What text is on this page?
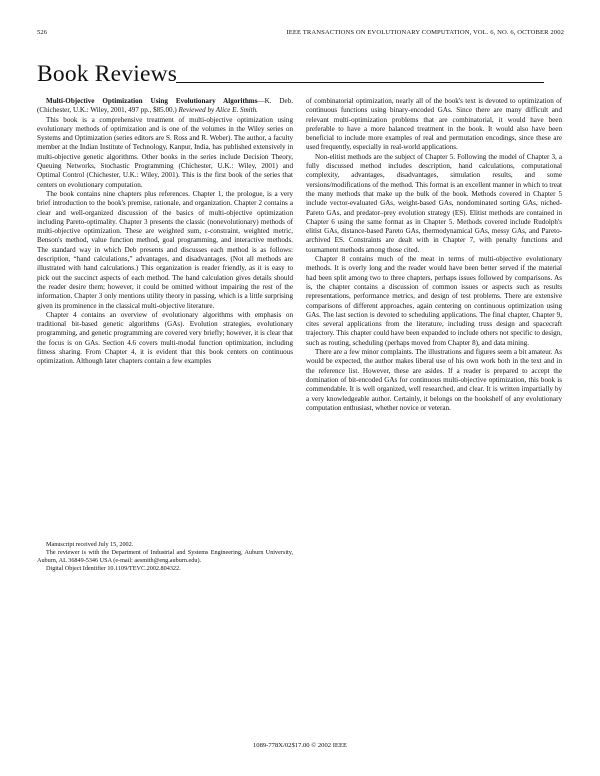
526	IEEE TRANSACTIONS ON EVOLUTIONARY COMPUTATION, VOL. 6, NO. 6, OCTOBER 2002
Book Reviews

Multi-Objective Optimization Using Evolutionary Algorithms—K. Deb. (Chichester, U.K.: Wiley, 2001, 497 pp., $85.00.) Reviewed by Alice E. Smith.

This book is a comprehensive treatment of multi-objective optimization using evolutionary methods of optimization and is one of the volumes in the Wiley series on Systems and Optimization (series editors are S. Ross and R. Weber). The author, a faculty member at the Indian Institute of Technology, Kanpur, India, has published extensively in multi-objective genetic algorithms. Other books in the series include Decision Theory, Queuing Networks, Stochastic Programming (Chichester, U.K.: Wiley, 2001) and Optimal Control (Chichester, U.K.: Wiley, 2001). This is the first book of the series that centers on evolutionary computation.

The book contains nine chapters plus references. Chapter 1, the prologue, is a very brief introduction to the book's premise, rationale, and organization. Chapter 2 contains a clear and well-organized discussion of the basics of multi-objective optimization including Pareto-optimality. Chapter 3 presents the classic (nonevolutionary) methods of multi-objective optimization. These are weighted sum, ε-constraint, weighted metric, Benson's method, value function method, goal programming, and interactive methods. The standard way in which Deb presents and discusses each method is as follows: description, “hand calculations,” advantages, and disadvantages. (Not all methods are illustrated with hand calculations.) This organization is reader friendly, as it is easy to pick out the succinct aspects of each method. The hand calculation gives details should the reader desire them; however, it could be omitted without impairing the rest of the information. Chapter 3 only mentions utility theory in passing, which is a little surprising given its prominence in the classical multi-objective literature.

Chapter 4 contains an overview of evolutionary algorithms with emphasis on traditional bit-based genetic algorithms (GAs). Evolution strategies, evolutionary programming, and genetic programming are covered very briefly; however, it is clear that the focus is on GAs. Section 4.6 covers multi-modal function optimization, including fitness sharing. From Chapter 4, it is evident that this book centers on continuous optimization. Although later chapters contain a few examples

Manuscript received July 15, 2002.

The reviewer is with the Department of Industrial and Systems Engineering, Auburn University, Auburn, AL 36849-5346 USA (e-mail: aesmith@eng.auburn.edu).

Digital Object Identifier 10.1109/TEVC.2002.804322.

of combinatorial optimization, nearly all of the book's text is devoted to optimization of continuous functions using binary-encoded GAs. Since there are many difficult and relevant multi-optimization problems that are combinatorial, it would have been preferable to have a more balanced treatment in the book. It would also have been beneficial to include more examples of real and permutation encodings, since these are used frequently, especially in real-world applications.

Non-elitist methods are the subject of Chapter 5. Following the model of Chapter 3, a fully discussed method includes description, hand calculations, computational complexity, advantages, disadvantages, simulation results, and some versions/modifications of the method. This format is an excellent manner in which to treat the many methods that make up the bulk of the book. Methods covered in Chapter 5 include vector-evaluated GAs, weight-based GAs, nondominated sorting GAs, niched-Pareto GAs, and predator–prey evolution strategy (ES). Elitist methods are contained in Chapter 6 using the same format as in Chapter 5. Methods covered include Rudolph's elitist GAs, distance-based Pareto GAs, thermodynamical GAs, messy GAs, and Pareto-archived ES. Constraints are dealt with in Chapter 7, with penalty functions and tournament methods among those cited.

Chapter 8 contains much of the meat in terms of multi-objective evolutionary methods. It is overly long and the reader would have been better served if the material had been split among two to three chapters, perhaps issues followed by comparisons. As is, the chapter contains a discussion of common issues or aspects such as results representations, performance metrics, and design of test problems. There are extensive comparisons of different approaches, again centering on continuous optimization using GAs. The last section is devoted to scheduling applications. The final chapter, Chapter 9, cites several applications from the literature, including truss design and spacecraft trajectory. This chapter could have been expanded to include others not specific to design, such as routing, scheduling (perhaps moved from Chapter 8), and data mining.

There are a few minor complaints. The illustrations and figures seem a bit amateur. As would be expected, the author makes liberal use of his own work both in the text and in the reference list. However, these are asides. If a reader is prepared to accept the domination of bit-encoded GAs for continuous multi-objective optimization, this book is commendable. It is well organized, well researched, and clear. It is written impartially by a very knowledgeable author. Certainly, it belongs on the bookshelf of any evolutionary computation enthusiast, whether novice or veteran.

1089-778X/02$17.00 © 2002 IEEE
